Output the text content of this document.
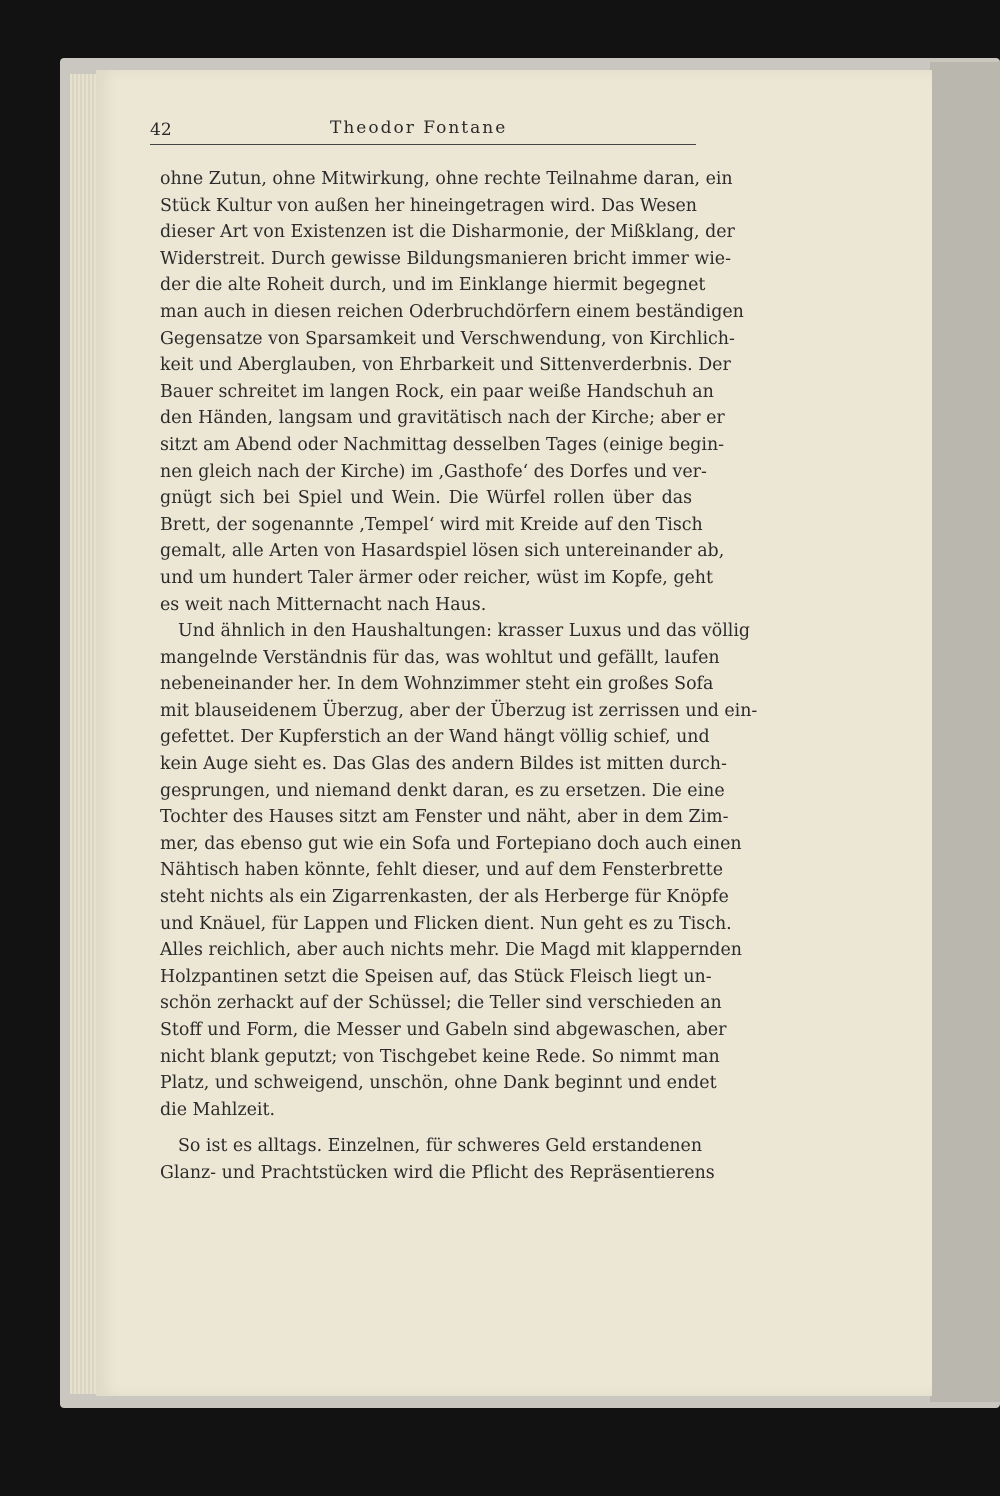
42	Theodor Fontane
ohne Zutun, ohne Mitwirkung, ohne rechte Teilnahme daran, ein
Stück Kultur von außen her hineingetragen wird. Das Wesen
dieser Art von Existenzen ist die Disharmonie, der Mißklang, der
Widerstreit. Durch gewisse Bildungsmanieren bricht immer wie-
der die alte Roheit durch, und im Einklange hiermit begegnet
man auch in diesen reichen Oderbruchdörfern einem beständigen
Gegensatze von Sparsamkeit und Verschwendung, von Kirchlich-
keit und Aberglauben, von Ehrbarkeit und Sittenverderbnis. Der
Bauer schreitet im langen Rock, ein paar weiße Handschuh an
den Händen, langsam und gravitätisch nach der Kirche; aber er
sitzt am Abend oder Nachmittag desselben Tages (einige begin-
nen gleich nach der Kirche) im ‚Gasthofe‘ des Dorfes und ver-
gnügt sich bei Spiel und Wein. Die Würfel rollen über das
Brett, der sogenannte ‚Tempel‘ wird mit Kreide auf den Tisch
gemalt, alle Arten von Hasardspiel lösen sich untereinander ab,
und um hundert Taler ärmer oder reicher, wüst im Kopfe, geht
es weit nach Mitternacht nach Haus.
Und ähnlich in den Haushaltungen: krasser Luxus und das völlig
mangelnde Verständnis für das, was wohltut und gefällt, laufen
nebeneinander her. In dem Wohnzimmer steht ein großes Sofa
mit blauseidenem Überzug, aber der Überzug ist zerrissen und ein-
gefettet. Der Kupferstich an der Wand hängt völlig schief, und
kein Auge sieht es. Das Glas des andern Bildes ist mitten durch-
gesprungen, und niemand denkt daran, es zu ersetzen. Die eine
Tochter des Hauses sitzt am Fenster und näht, aber in dem Zim-
mer, das ebenso gut wie ein Sofa und Fortepiano doch auch einen
Nähtisch haben könnte, fehlt dieser, und auf dem Fensterbrette
steht nichts als ein Zigarrenkasten, der als Herberge für Knöpfe
und Knäuel, für Lappen und Flicken dient. Nun geht es zu Tisch.
Alles reichlich, aber auch nichts mehr. Die Magd mit klappernden
Holzpantinen setzt die Speisen auf, das Stück Fleisch liegt un-
schön zerhackt auf der Schüssel; die Teller sind verschieden an
Stoff und Form, die Messer und Gabeln sind abgewaschen, aber
nicht blank geputzt; von Tischgebet keine Rede. So nimmt man
Platz, und schweigend, unschön, ohne Dank beginnt und endet
die Mahlzeit.
So ist es alltags. Einzelnen, für schweres Geld erstandenen
Glanz- und Prachtstücken wird die Pflicht des Repräsentierens
